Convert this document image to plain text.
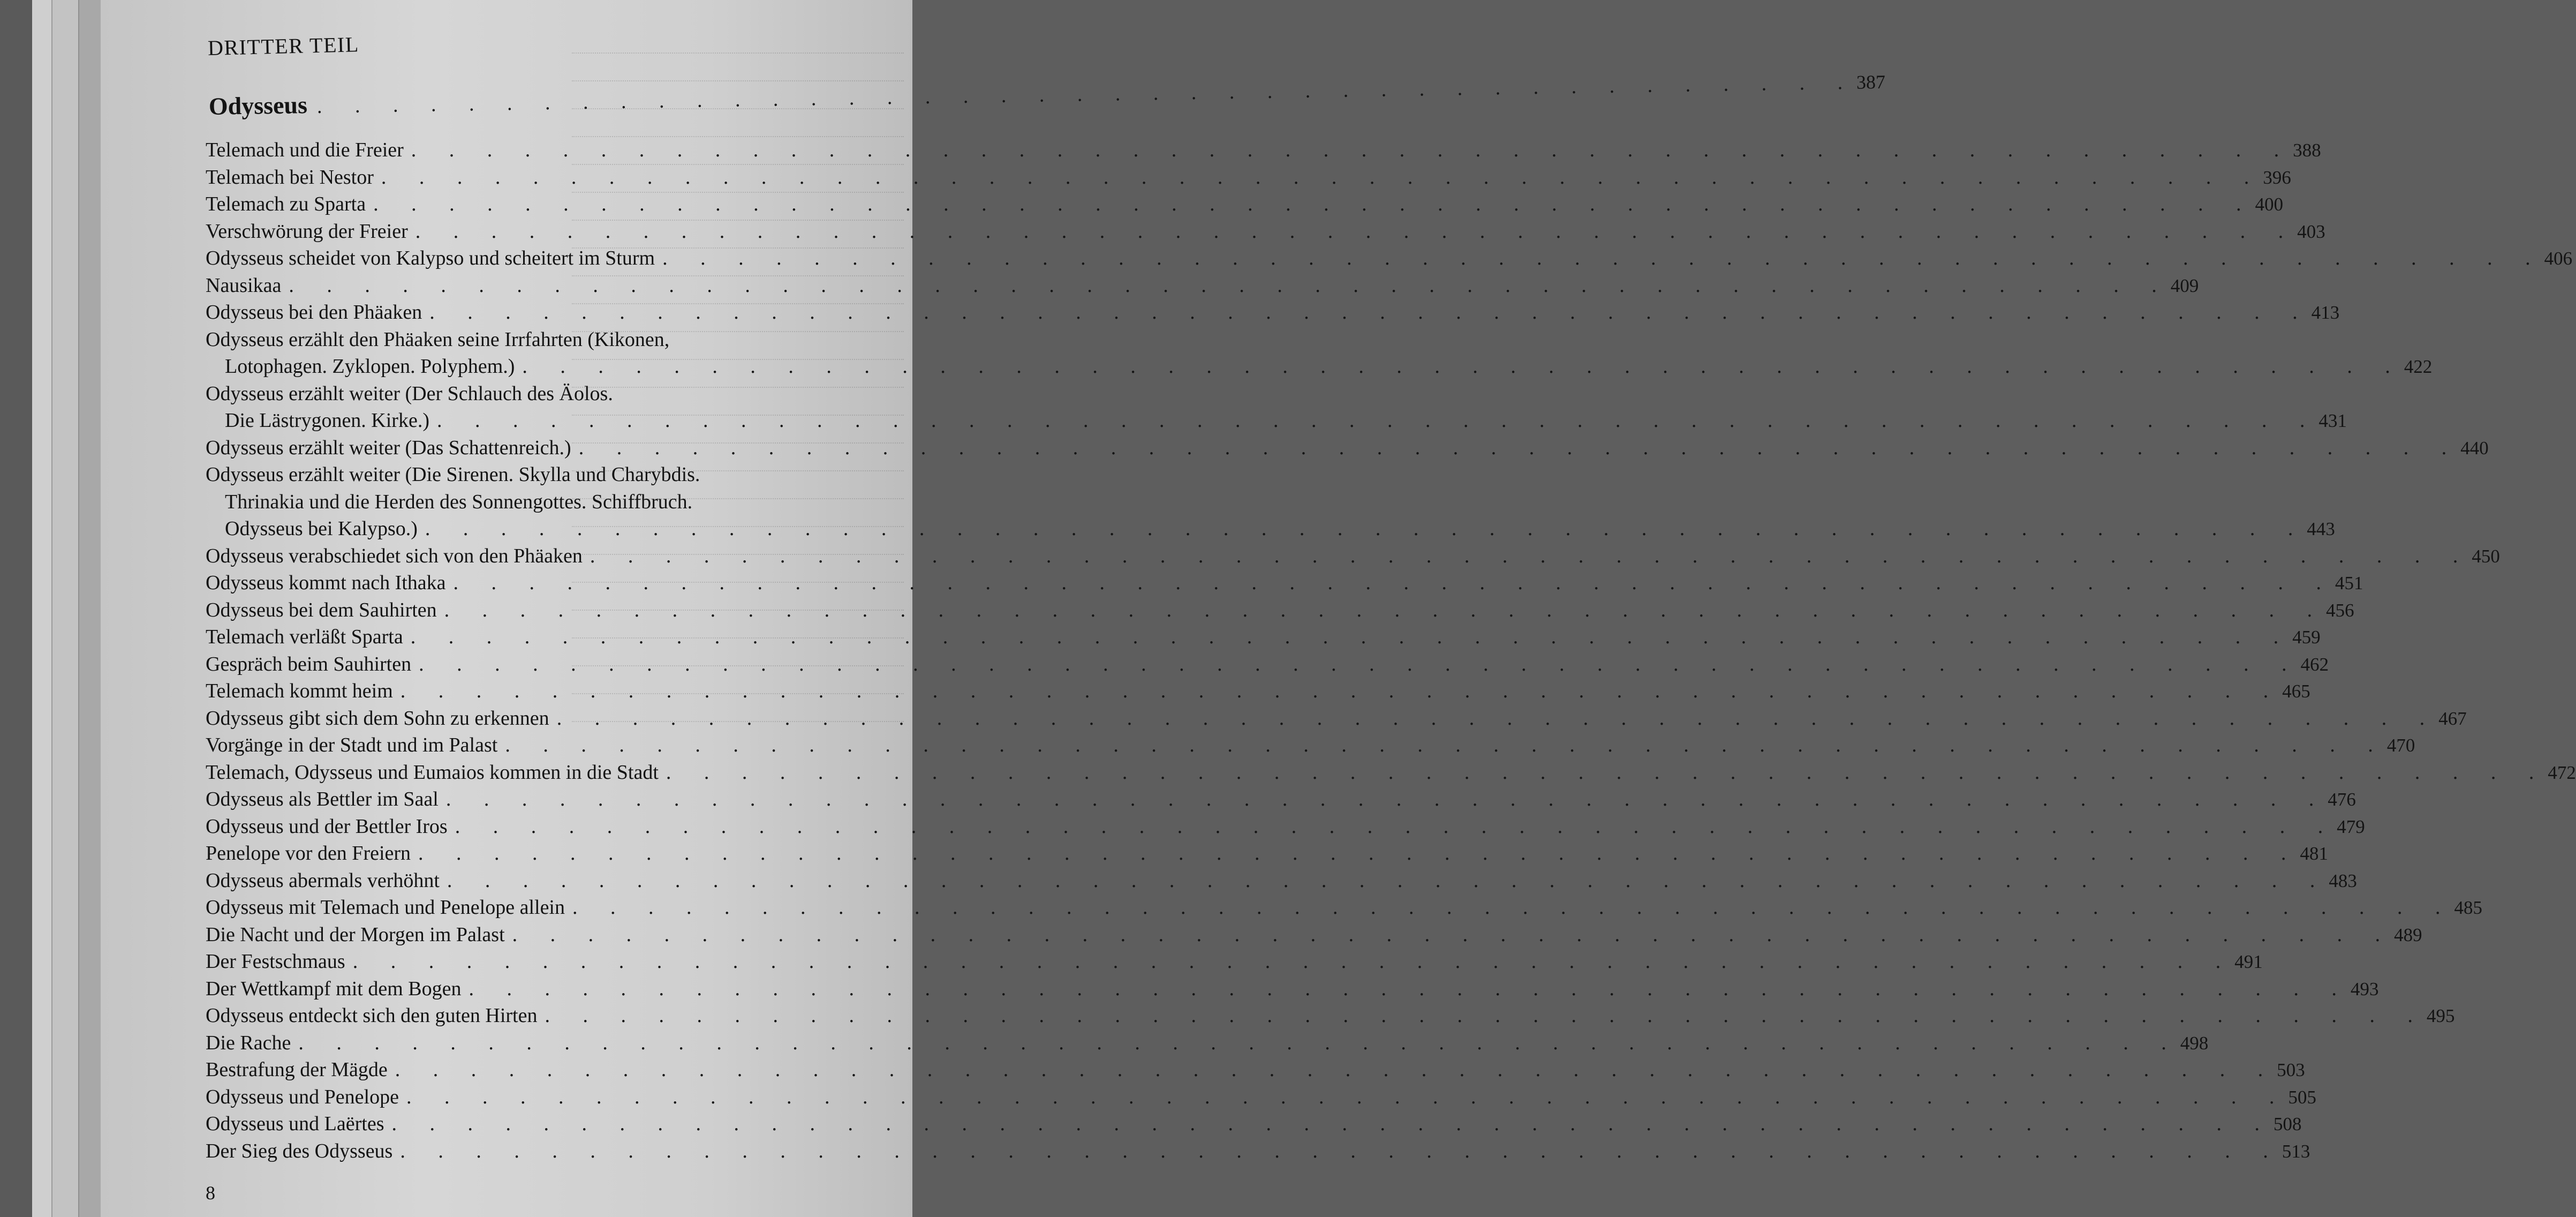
DRITTER TEIL
Odysseus . . . . . . . . . . . . . . . . . . . . . . . . . . . . . . . . . . . . . . . . . 387
Telemach und die Freier . . . . . . . . . . . . . . . . . . . . . . . . . . . . . . . . . . . . . . . . . . . . . . . . . . 388
Telemach bei Nestor . . . . . . . . . . . . . . . . . . . . . . . . . . . . . . . . . . . . . . . . . . . . . . . . . . 396
Telemach zu Sparta . . . . . . . . . . . . . . . . . . . . . . . . . . . . . . . . . . . . . . . . . . . . . . . . . . 400
Verschwörung der Freier . . . . . . . . . . . . . . . . . . . . . . . . . . . . . . . . . . . . . . . . . . . . . . . . . . 403
Odysseus scheidet von Kalypso und scheitert im Sturm . . . . . . . . . . . . . . . . . . . . . . . . . . . . . . . . . . . . . . . . . . . . . . . . . . 406
Nausikaa . . . . . . . . . . . . . . . . . . . . . . . . . . . . . . . . . . . . . . . . . . . . . . . . . . 409
Odysseus bei den Phäaken . . . . . . . . . . . . . . . . . . . . . . . . . . . . . . . . . . . . . . . . . . . . . . . . . . 413
Odysseus erzählt den Phäaken seine Irrfahrten (Kikonen,
Lotophagen. Zyklopen. Polyphem.) . . . . . . . . . . . . . . . . . . . . . . . . . . . . . . . . . . . . . . . . . . . . . . . . . . 422
Odysseus erzählt weiter (Der Schlauch des Äolos.
Die Lästrygonen. Kirke.) . . . . . . . . . . . . . . . . . . . . . . . . . . . . . . . . . . . . . . . . . . . . . . . . . . 431
Odysseus erzählt weiter (Das Schattenreich.) . . . . . . . . . . . . . . . . . . . . . . . . . . . . . . . . . . . . . . . . . . . . . . . . . . 440
Odysseus erzählt weiter (Die Sirenen. Skylla und Charybdis.
Thrinakia und die Herden des Sonnengottes. Schiffbruch.
Odysseus bei Kalypso.) . . . . . . . . . . . . . . . . . . . . . . . . . . . . . . . . . . . . . . . . . . . . . . . . . . 443
Odysseus verabschiedet sich von den Phäaken . . . . . . . . . . . . . . . . . . . . . . . . . . . . . . . . . . . . . . . . . . . . . . . . . . 450
Odysseus kommt nach Ithaka . . . . . . . . . . . . . . . . . . . . . . . . . . . . . . . . . . . . . . . . . . . . . . . . . . 451
Odysseus bei dem Sauhirten . . . . . . . . . . . . . . . . . . . . . . . . . . . . . . . . . . . . . . . . . . . . . . . . . . 456
Telemach verläßt Sparta . . . . . . . . . . . . . . . . . . . . . . . . . . . . . . . . . . . . . . . . . . . . . . . . . . 459
Gespräch beim Sauhirten . . . . . . . . . . . . . . . . . . . . . . . . . . . . . . . . . . . . . . . . . . . . . . . . . . 462
Telemach kommt heim . . . . . . . . . . . . . . . . . . . . . . . . . . . . . . . . . . . . . . . . . . . . . . . . . . 465
Odysseus gibt sich dem Sohn zu erkennen . . . . . . . . . . . . . . . . . . . . . . . . . . . . . . . . . . . . . . . . . . . . . . . . . . 467
Vorgänge in der Stadt und im Palast . . . . . . . . . . . . . . . . . . . . . . . . . . . . . . . . . . . . . . . . . . . . . . . . . . 470
Telemach, Odysseus und Eumaios kommen in die Stadt . . . . . . . . . . . . . . . . . . . . . . . . . . . . . . . . . . . . . . . . . . . . . . . . . . 472
Odysseus als Bettler im Saal . . . . . . . . . . . . . . . . . . . . . . . . . . . . . . . . . . . . . . . . . . . . . . . . . . 476
Odysseus und der Bettler Iros . . . . . . . . . . . . . . . . . . . . . . . . . . . . . . . . . . . . . . . . . . . . . . . . . . 479
Penelope vor den Freiern . . . . . . . . . . . . . . . . . . . . . . . . . . . . . . . . . . . . . . . . . . . . . . . . . . 481
Odysseus abermals verhöhnt . . . . . . . . . . . . . . . . . . . . . . . . . . . . . . . . . . . . . . . . . . . . . . . . . . 483
Odysseus mit Telemach und Penelope allein . . . . . . . . . . . . . . . . . . . . . . . . . . . . . . . . . . . . . . . . . . . . . . . . . . 485
Die Nacht und der Morgen im Palast . . . . . . . . . . . . . . . . . . . . . . . . . . . . . . . . . . . . . . . . . . . . . . . . . . 489
Der Festschmaus . . . . . . . . . . . . . . . . . . . . . . . . . . . . . . . . . . . . . . . . . . . . . . . . . . 491
Der Wettkampf mit dem Bogen . . . . . . . . . . . . . . . . . . . . . . . . . . . . . . . . . . . . . . . . . . . . . . . . . . 493
Odysseus entdeckt sich den guten Hirten . . . . . . . . . . . . . . . . . . . . . . . . . . . . . . . . . . . . . . . . . . . . . . . . . . 495
Die Rache . . . . . . . . . . . . . . . . . . . . . . . . . . . . . . . . . . . . . . . . . . . . . . . . . . 498
Bestrafung der Mägde . . . . . . . . . . . . . . . . . . . . . . . . . . . . . . . . . . . . . . . . . . . . . . . . . . 503
Odysseus und Penelope . . . . . . . . . . . . . . . . . . . . . . . . . . . . . . . . . . . . . . . . . . . . . . . . . . 505
Odysseus und Laërtes . . . . . . . . . . . . . . . . . . . . . . . . . . . . . . . . . . . . . . . . . . . . . . . . . . 508
Der Sieg des Odysseus . . . . . . . . . . . . . . . . . . . . . . . . . . . . . . . . . . . . . . . . . . . . . . . . . . 513
8
